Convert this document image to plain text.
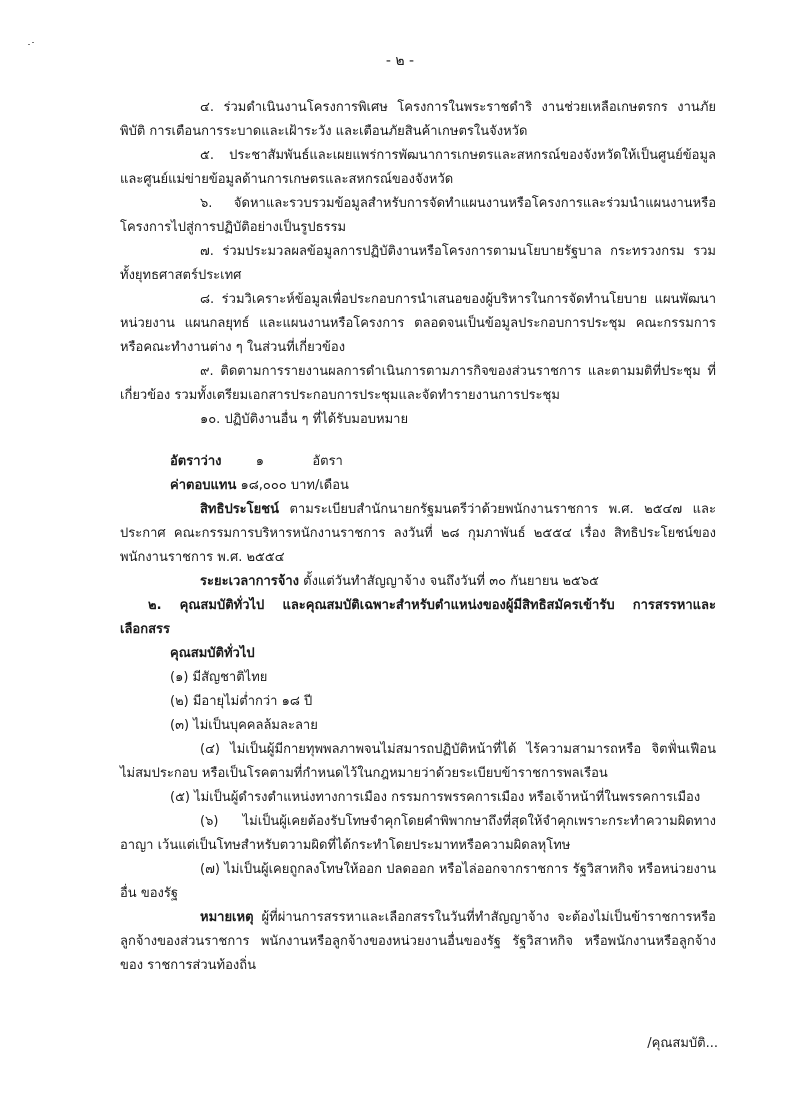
- ๒ -

๔. ร่วมดำเนินงานโครงการพิเศษ โครงการในพระราชดำริ งานช่วยเหลือเกษตรกร งานภัยพิบัติ การเตือนการระบาดและเฝ้าระวัง และเตือนภัยสินค้าเกษตรในจังหวัด

๕. ประชาสัมพันธ์และเผยแพร่การพัฒนาการเกษตรและสหกรณ์ของจังหวัดให้เป็นศูนย์ข้อมูล และศูนย์แม่ข่ายข้อมูลด้านการเกษตรและสหกรณ์ของจังหวัด

๖. จัดหาและรวบรวมข้อมูลสำหรับการจัดทำแผนงานหรือโครงการและร่วมนำแผนงานหรือ โครงการไปสู่การปฏิบัติอย่างเป็นรูปธรรม

๗. ร่วมประมวลผลข้อมูลการปฏิบัติงานหรือโครงการตามนโยบายรัฐบาล กระทรวงกรม รวมทั้งยุทธศาสตร์ประเทศ

๘. ร่วมวิเคราะห์ข้อมูลเพื่อประกอบการนำเสนอของผู้บริหารในการจัดทำนโยบาย แผนพัฒนาหน่วยงาน แผนกลยุทธ์ และแผนงานหรือโครงการ ตลอดจนเป็นข้อมูลประกอบการประชุม คณะกรรมการหรือคณะทำงานต่าง ๆ ในส่วนที่เกี่ยวข้อง

๙. ติดตามการรายงานผลการดำเนินการตามภารกิจของส่วนราชการ และตามมติที่ประชุม ที่เกี่ยวข้อง รวมทั้งเตรียมเอกสารประกอบการประชุมและจัดทำรายงานการประชุม

๑๐. ปฏิบัติงานอื่น ๆ ที่ได้รับมอบหมาย

อัตราว่าง	๑	อัตรา

ค่าตอบแทน ๑๘,๐๐๐ บาท/เดือน

สิทธิประโยชน์ ตามระเบียบสำนักนายกรัฐมนตรีว่าด้วยพนักงานราชการ พ.ศ. ๒๕๔๗ และประกาศ คณะกรรมการบริหารหนักงานราชการ ลงวันที่ ๒๘ กุมภาพันธ์ ๒๕๕๔ เรื่อง สิทธิประโยชน์ของพนักงานราชการ พ.ศ. ๒๕๕๔

ระยะเวลาการจ้าง ตั้งแต่วันทำสัญญาจ้าง จนถึงวันที่ ๓๐ กันยายน ๒๕๖๕

๒. คุณสมบัติทั่วไป และคุณสมบัติเฉพาะสำหรับตำแหน่งของผู้มีสิทธิสมัครเข้ารับ การสรรหาและ เลือกสรร

คุณสมบัติทั่วไป

(๑) มีสัญชาติไทย

(๒) มีอายุไม่ต่ำกว่า ๑๘ ปี

(๓) ไม่เป็นบุคคลล้มละลาย

(๔) ไม่เป็นผู้มีกายทุพพลภาพจนไม่สมารถปฏิบัติหน้าที่ได้ ไร้ความสามารถหรือ จิตฟั่นเฟือน ไม่สมประกอบ หรือเป็นโรคตามที่กำหนดไว้ในกฎหมายว่าด้วยระเบียบข้าราชการพลเรือน

(๕) ไม่เป็นผู้ดำรงตำแหน่งทางการเมือง กรรมการพรรคการเมือง หรือเจ้าหน้าที่ในพรรคการเมือง

(๖) ไม่เป็นผู้เคยต้องรับโทษจำคุกโดยคำพิพากษาถึงที่สุดให้จำคุกเพราะกระทำความผิดทางอาญา เว้นแต่เป็นโทษสำหรับตวามผิดที่ได้กระทำโดยประมาทหรือความผิดลหุโทษ

(๗) ไม่เป็นผู้เคยถูกลงโทษให้ออก ปลดออก หรือไล่ออกจากราชการ รัฐวิสาหกิจ หรือหน่วยงานอื่น ของรัฐ

หมายเหตุ ผู้ที่ผ่านการสรรหาและเลือกสรรในวันที่ทำสัญญาจ้าง จะต้องไม่เป็นข้าราชการหรือ ลูกจ้างของส่วนราชการ พนักงานหรือลูกจ้างของหน่วยงานอื่นของรัฐ รัฐวิสาหกิจ หรือพนักงานหรือลูกจ้างของ ราชการส่วนท้องถิ่น

/คุณสมบัติ...
